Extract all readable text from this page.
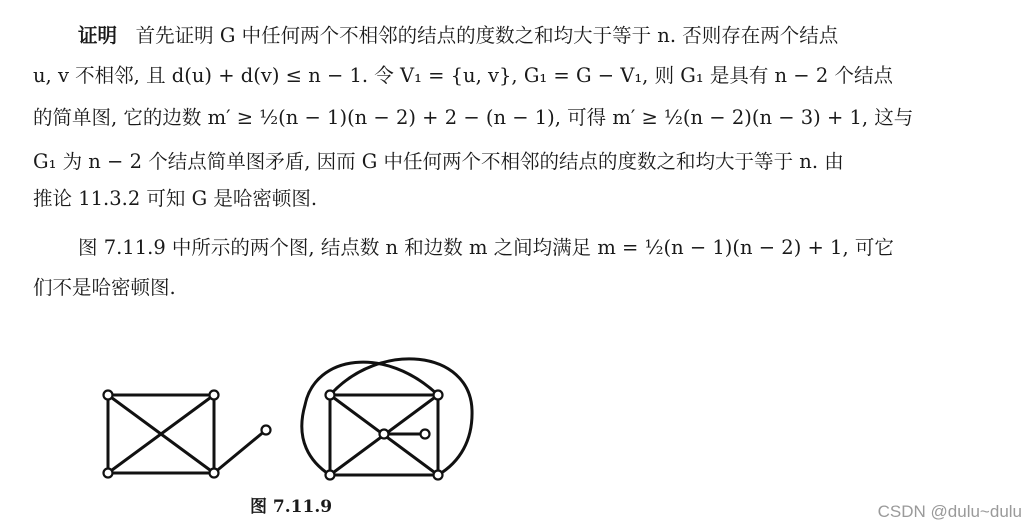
证明 首先证明 G 中任何两个不相邻的结点的度数之和均大于等于 n. 否则存在两个结点
u, v 不相邻, 且 d(u) + d(v) ≤ n − 1. 令 V₁ = {u, v}, G₁ = G − V₁, 则 G₁ 是具有 n − 2 个结点
的简单图, 它的边数 m′ ≥ ½(n − 1)(n − 2) + 2 − (n − 1), 可得 m′ ≥ ½(n − 2)(n − 3) + 1, 这与
G₁ 为 n − 2 个结点简单图矛盾, 因而 G 中任何两个不相邻的结点的度数之和均大于等于 n. 由
推论 11.3.2 可知 G 是哈密顿图.
图 7.11.9 中所示的两个图, 结点数 n 和边数 m 之间均满足 m = ½(n − 1)(n − 2) + 1, 可它
们不是哈密顿图.
图 7.11.9	CSDN @dulu~dulu
